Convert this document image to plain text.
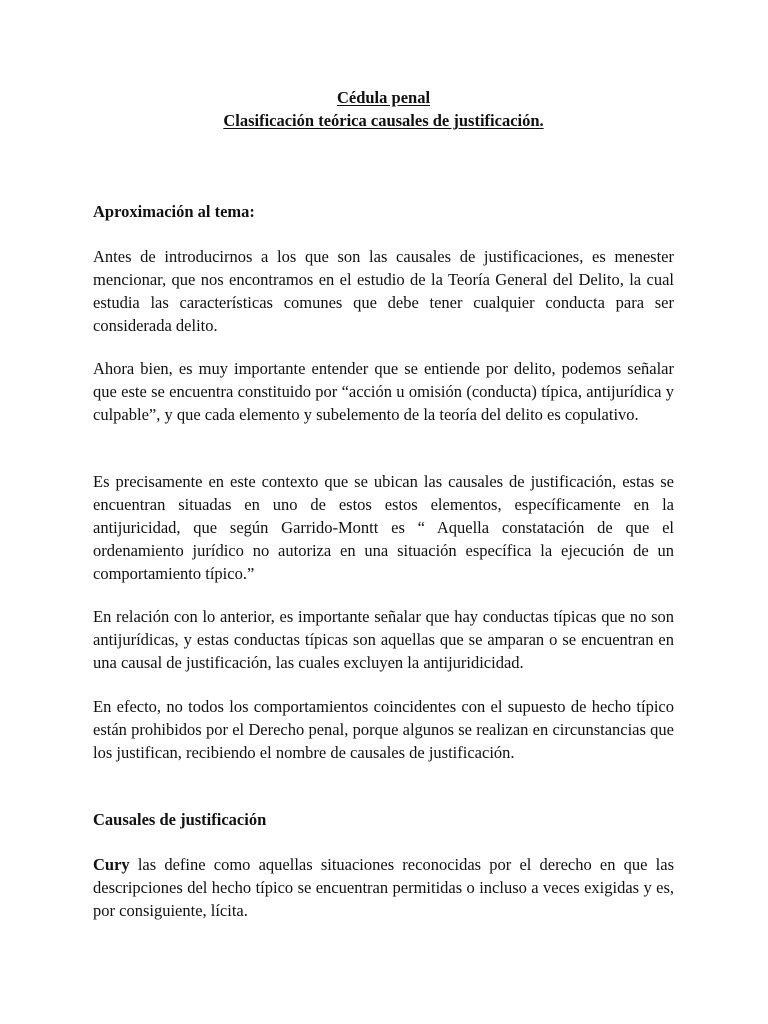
Cédula penal
Clasificación teórica causales de justificación.

Aproximación al tema:

Antes de introducirnos a los que son las causales de justificaciones, es menester mencionar, que nos encontramos en el estudio de la Teoría General del Delito, la cual estudia las características comunes que debe tener cualquier conducta para ser considerada delito.

Ahora bien, es muy importante entender que se entiende por delito, podemos señalar que este se encuentra constituido por “acción u omisión (conducta) típica, antijurídica y culpable”, y que cada elemento y subelemento de la teoría del delito es copulativo.

Es precisamente en este contexto que se ubican las causales de justificación, estas se encuentran situadas en uno de estos estos elementos, específicamente en la antijuricidad, que según Garrido-Montt es “ Aquella constatación de que el ordenamiento jurídico no autoriza en una situación específica la ejecución de un comportamiento típico.”

En relación con lo anterior, es importante señalar que hay conductas típicas que no son antijurídicas, y estas conductas típicas son aquellas que se amparan o se encuentran en una causal de justificación, las cuales excluyen la antijuridicidad.

En efecto, no todos los comportamientos coincidentes con el supuesto de hecho típico están prohibidos por el Derecho penal, porque algunos se realizan en circunstancias que los justifican, recibiendo el nombre de causales de justificación.

Causales de justificación

Cury las define como aquellas situaciones reconocidas por el derecho en que las descripciones del hecho típico se encuentran permitidas o incluso a veces exigidas y es, por consiguiente, lícita.
